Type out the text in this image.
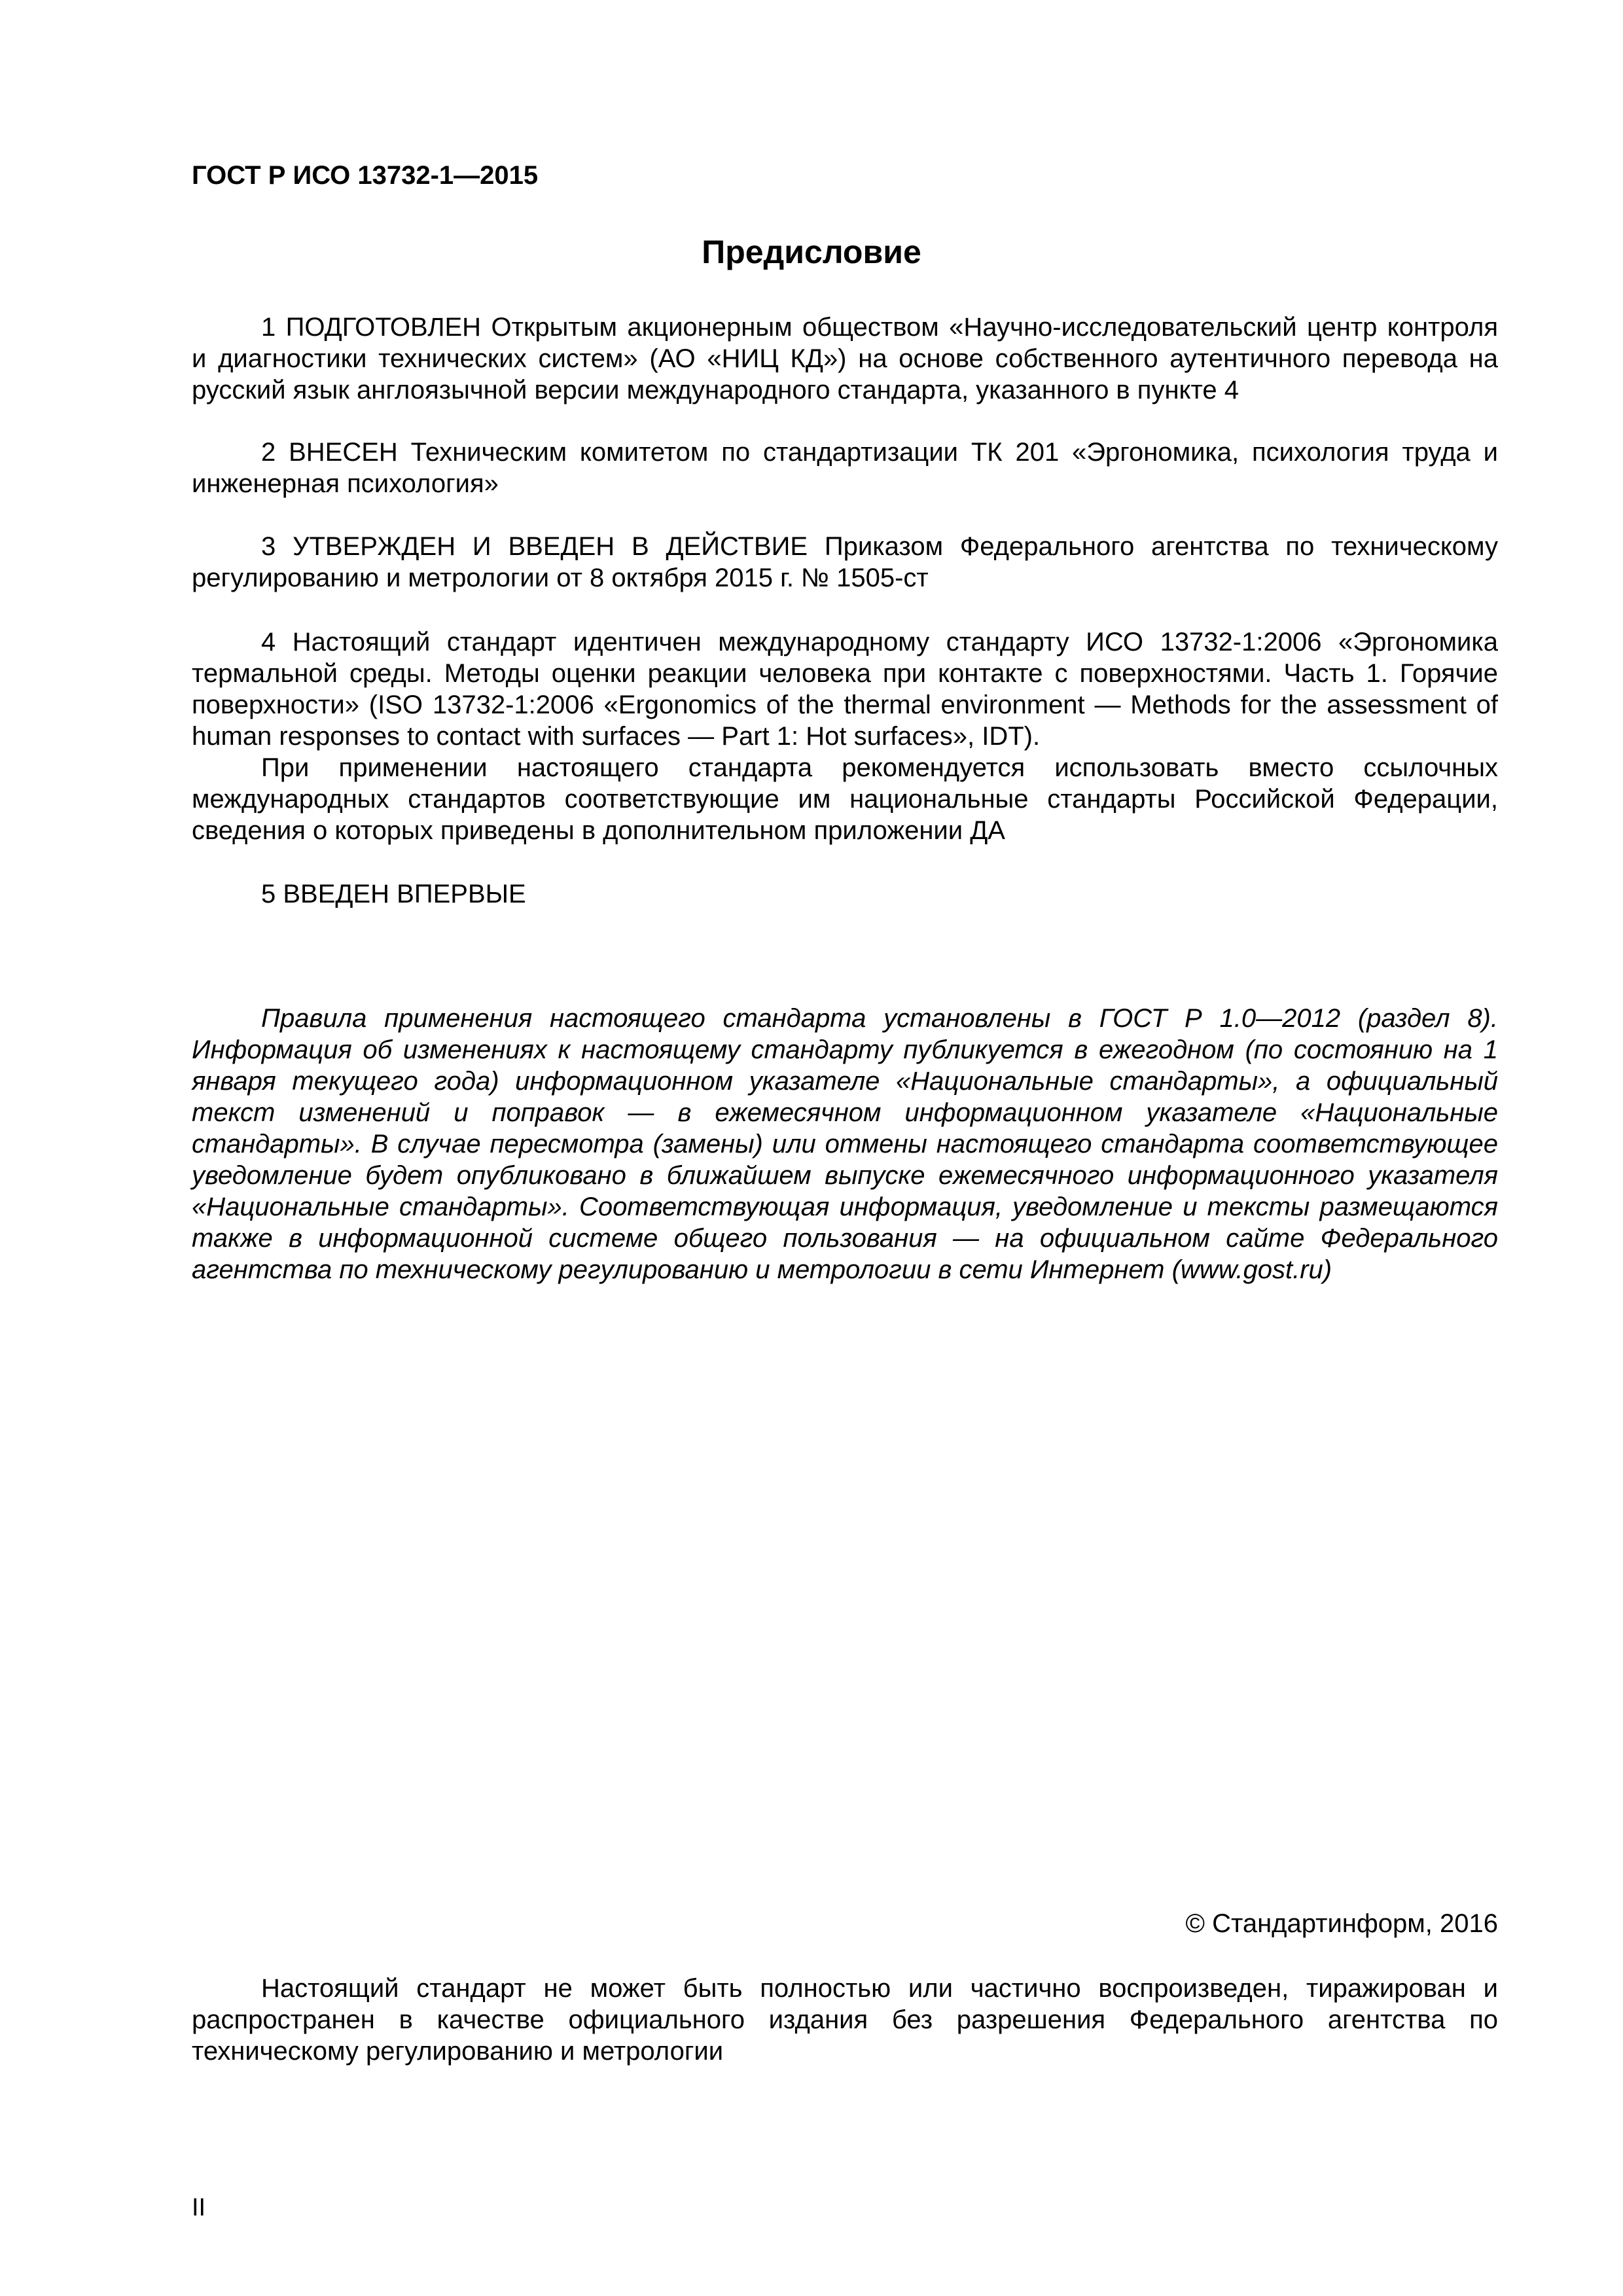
ГОСТ Р ИСО 13732-1—2015
Предисловие

1 ПОДГОТОВЛЕН Открытым акционерным обществом «Научно-исследовательский центр контроля и диагностики технических систем» (АО «НИЦ КД») на основе собственного аутентичного перевода на русский язык англоязычной версии международного стандарта, указанного в пункте 4

2 ВНЕСЕН Техническим комитетом по стандартизации ТК 201 «Эргономика, психология труда и инженерная психология»

3 УТВЕРЖДЕН И ВВЕДЕН В ДЕЙСТВИЕ Приказом Федерального агентства по техническому регулированию и метрологии от 8 октября 2015 г. № 1505-ст

4 Настоящий стандарт идентичен международному стандарту ИСО 13732-1:2006 «Эргономика термальной среды. Методы оценки реакции человека при контакте с поверхностями. Часть 1. Горячие поверхности» (ISO 13732-1:2006 «Ergonomics of the thermal environment — Methods for the assessment of human responses to contact with surfaces — Part 1: Hot surfaces», IDT).

При применении настоящего стандарта рекомендуется использовать вместо ссылочных международных стандартов соответствующие им национальные стандарты Российской Федерации, сведения о которых приведены в дополнительном приложении ДА

5 ВВЕДЕН ВПЕРВЫЕ

Правила применения настоящего стандарта установлены в ГОСТ Р 1.0—2012 (раздел 8). Информация об изменениях к настоящему стандарту публикуется в ежегодном (по состоянию на 1 января текущего года) информационном указателе «Национальные стандарты», а официальный текст изменений и поправок — в ежемесячном информационном указателе «Национальные стандарты». В случае пересмотра (замены) или отмены настоящего стандарта соответствующее уведомление будет опубликовано в ближайшем выпуске ежемесячного информационного указателя «Национальные стандарты». Соответствующая информация, уведомление и тексты размещаются также в информационной системе общего пользования — на официальном сайте Федерального агентства по техническому регулированию и метрологии в сети Интернет (www.gost.ru)

© Стандартинформ, 2016

Настоящий стандарт не может быть полностью или частично воспроизведен, тиражирован и распространен в качестве официального издания без разрешения Федерального агентства по техническому регулированию и метрологии

II
